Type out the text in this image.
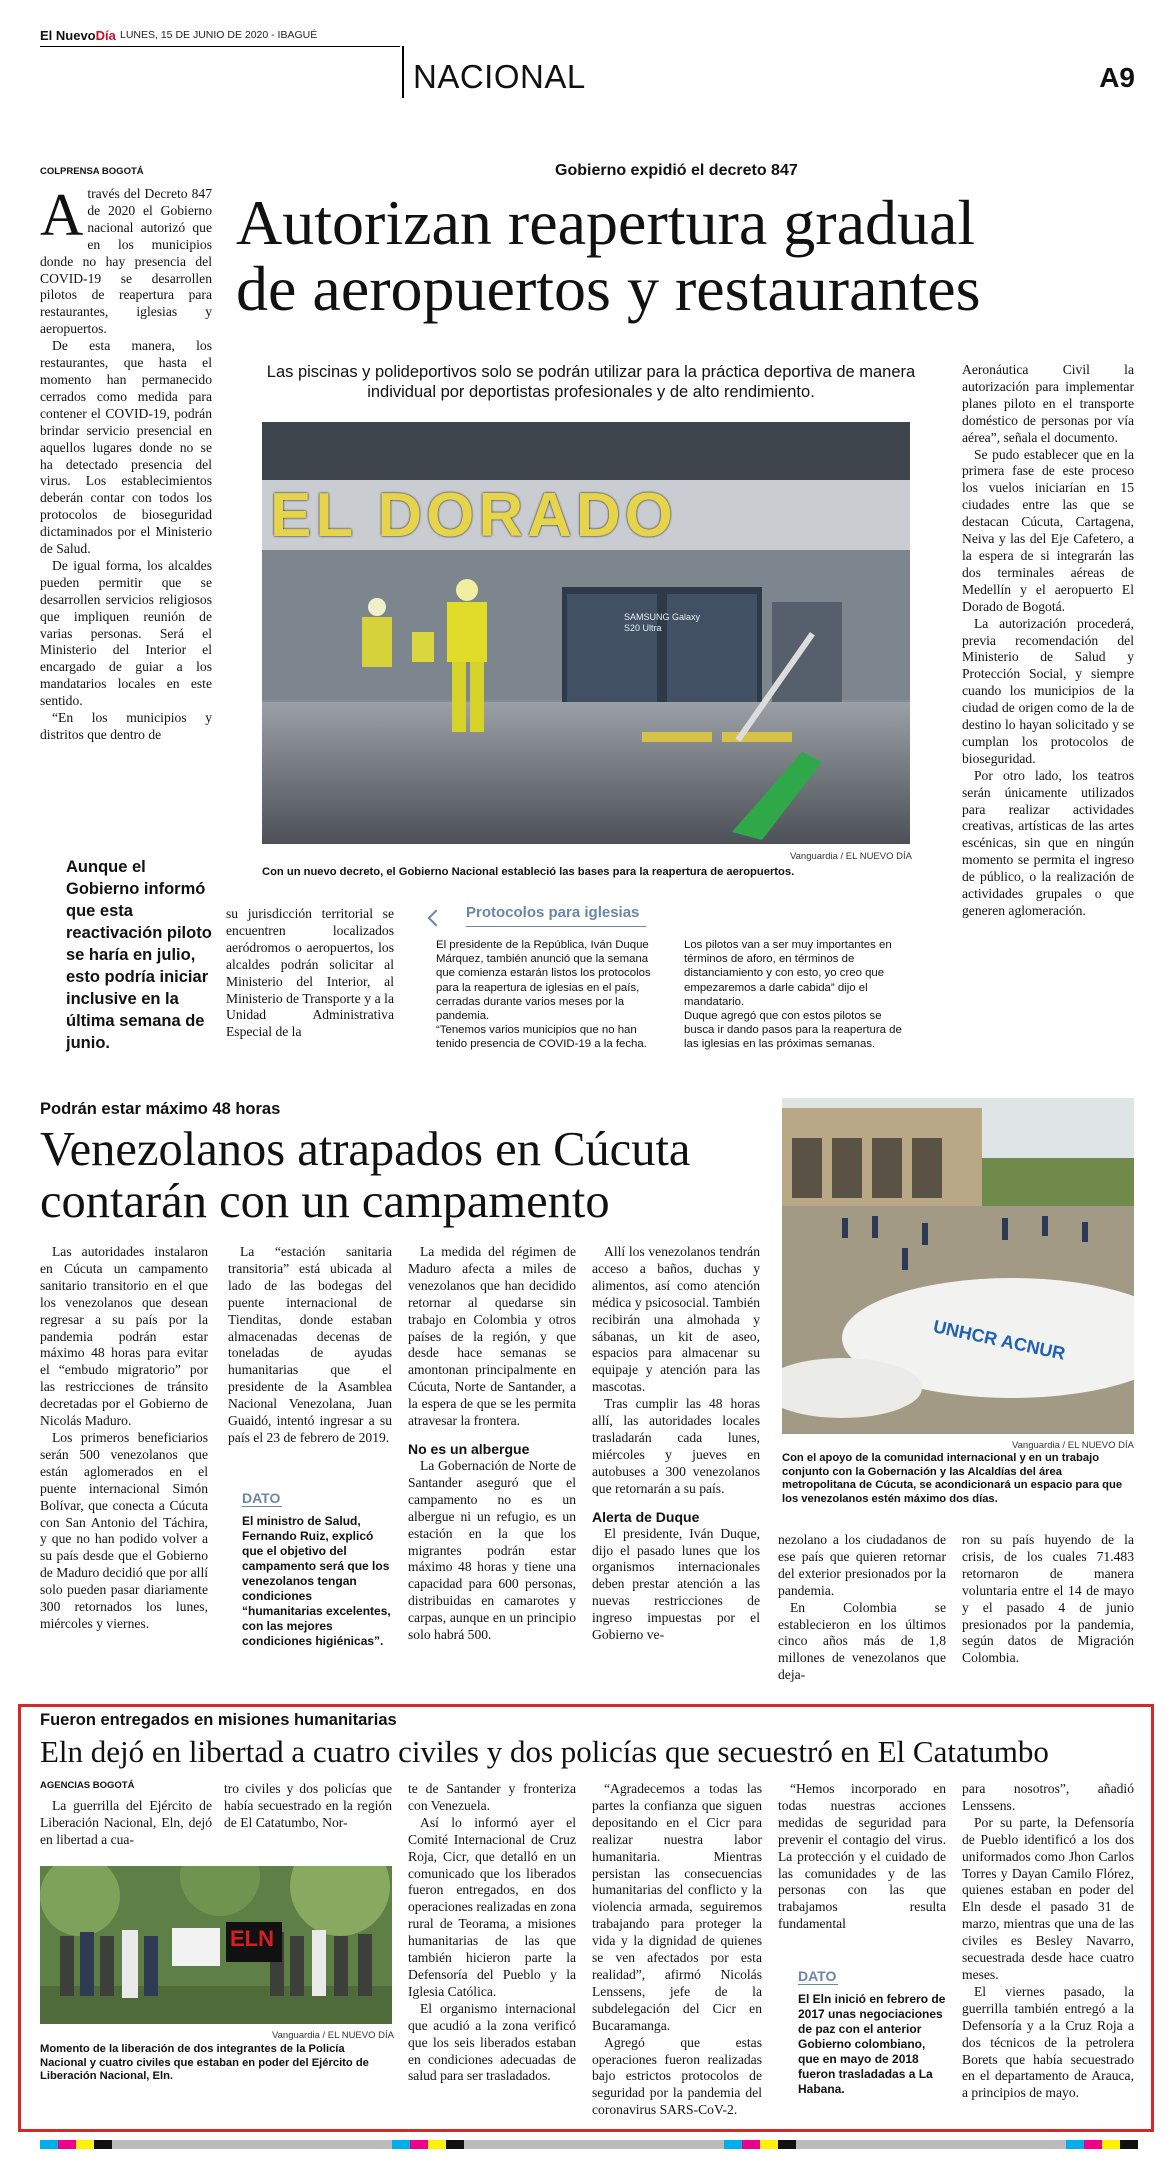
El NuevoDía LUNES, 15 DE JUNIO DE 2020 - IBAGUÉ
NACIONAL	A9
COLPRENSA BOGOTÁ

Através del Decreto 847 de 2020 el Gobierno nacional autorizó que en los municipios donde no hay presencia del COVID-19 se desarrollen pilotos de reapertura para restaurantes, iglesias y aeropuertos.

De esta manera, los restaurantes, que hasta el momento han permanecido cerrados como medida para contener el COVID-19, podrán brindar servicio presencial en aquellos lugares donde no se ha detectado presencia del virus. Los establecimientos deberán contar con todos los protocolos de bioseguridad dictaminados por el Ministerio de Salud.

De igual forma, los alcaldes pueden permitir que se desarrollen servicios religiosos que impliquen reunión de varias personas. Será el Ministerio del Interior el encargado de guiar a los mandatarios locales en este sentido.

“En los municipios y distritos que dentro de

Gobierno expidió el decreto 847
Autorizan reapertura gradual
de aeropuertos y restaurantes
Las piscinas y polideportivos solo se podrán utilizar para la práctica deportiva de manera individual por deportistas profesionales y de alto rendimiento.
EL DORADO
SAMSUNG Galaxy S20 Ultra
Vanguardia / EL NUEVO DÍA
Con un nuevo decreto, el Gobierno Nacional estableció las bases para la reapertura de aeropuertos.
Aunque el Gobierno informó que esta reactivación piloto se haría en julio, esto podría iniciar inclusive en la última semana de junio.

su jurisdicción territorial se encuentren localizados aeródromos o aeropuertos, los alcaldes podrán solicitar al Ministerio del Interior, al Ministerio de Transporte y a la Unidad Administrativa Especial de la

Protocolos para iglesias

El presidente de la República, Iván Duque Márquez, también anunció que la semana que comienza estarán listos los protocolos para la reapertura de iglesias en el país, cerradas durante varios meses por la pandemia.

“Tenemos varios municipios que no han tenido presencia de COVID-19 a la fecha.

Los pilotos van a ser muy importantes en términos de aforo, en términos de distanciamiento y con esto, yo creo que empezaremos a darle cabida” dijo el mandatario.

Duque agregó que con estos pilotos se busca ir dando pasos para la reapertura de las iglesias en las próximas semanas.

Aeronáutica Civil la autorización para implementar planes piloto en el transporte doméstico de personas por vía aérea”, señala el documento.

Se pudo establecer que en la primera fase de este proceso los vuelos iniciarían en 15 ciudades entre las que se destacan Cúcuta, Cartagena, Neiva y las del Eje Cafetero, a la espera de si integrarán las dos terminales aéreas de Medellín y el aeropuerto El Dorado de Bogotá.

La autorización procederá, previa recomendación del Ministerio de Salud y Protección Social, y siempre cuando los municipios de la ciudad de origen como de la de destino lo hayan solicitado y se cumplan los protocolos de bioseguridad.

Por otro lado, los teatros serán únicamente utilizados para realizar actividades creativas, artísticas de las artes escénicas, sin que en ningún momento se permita el ingreso de público, o la realización de actividades grupales o que generen aglomeración.

Podrán estar máximo 48 horas
Venezolanos atrapados en Cúcuta
contarán con un campamento

Las autoridades instalaron en Cúcuta un campamento sanitario transitorio en el que los venezolanos que desean regresar a su país por la pandemia podrán estar máximo 48 horas para evitar el “embudo migratorio” por las restricciones de tránsito decretadas por el Gobierno de Nicolás Maduro.

Los primeros beneficiarios serán 500 venezolanos que están aglomerados en el puente internacional Simón Bolívar, que conecta a Cúcuta con San Antonio del Táchira, y que no han podido volver a su país desde que el Gobierno de Maduro decidió que por allí solo pueden pasar diariamente 300 retornados los lunes, miércoles y viernes.

La “estación sanitaria transitoria” está ubicada al lado de las bodegas del puente internacional de Tienditas, donde estaban almacenadas decenas de toneladas de ayudas humanitarias que el presidente de la Asamblea Nacional Venezolana, Juan Guaidó, intentó ingresar a su país el 23 de febrero de 2019.

DATO
El ministro de Salud, Fernando Ruiz, explicó que el objetivo del campamento será que los venezolanos tengan condiciones “humanitarias excelentes, con las mejores condiciones higiénicas”.

La medida del régimen de Maduro afecta a miles de venezolanos que han decidido retornar al quedarse sin trabajo en Colombia y otros países de la región, y que desde hace semanas se amontonan principalmente en Cúcuta, Norte de Santander, a la espera de que se les permita atravesar la frontera.

No es un albergue

La Gobernación de Norte de Santander aseguró que el campamento no es un albergue ni un refugio, es un estación en la que los migrantes podrán estar máximo 48 horas y tiene una capacidad para 600 personas, distribuidas en camarotes y carpas, aunque en un principio solo habrá 500.

Allí los venezolanos tendrán acceso a baños, duchas y alimentos, así como atención médica y psicosocial. También recibirán una almohada y sábanas, un kit de aseo, espacios para almacenar su equipaje y atención para las mascotas.

Tras cumplir las 48 horas allí, las autoridades locales trasladarán cada lunes, miércoles y jueves en autobuses a 300 venezolanos que retornarán a su país.

Alerta de Duque

El presidente, Iván Duque, dijo el pasado lunes que los organismos internacionales deben prestar atención a las nuevas restricciones de ingreso impuestas por el Gobierno ve-

UNHCR ACNUR
Vanguardia / EL NUEVO DÍA
Con el apoyo de la comunidad internacional y en un trabajo conjunto con la Gobernación y las Alcaldías del área metropolitana de Cúcuta, se acondicionará un espacio para que los venezolanos estén máximo dos días.

nezolano a los ciudadanos de ese país que quieren retornar del exterior presionados por la pandemia.

En Colombia se establecieron en los últimos cinco años más de 1,8 millones de venezolanos que deja-

ron su país huyendo de la crisis, de los cuales 71.483 retornaron de manera voluntaria entre el 14 de mayo y el pasado 4 de junio presionados por la pandemia, según datos de Migración Colombia.

Fueron entregados en misiones humanitarias
Eln dejó en libertad a cuatro civiles y dos policías que secuestró en El Catatumbo
AGENCIAS BOGOTÁ

La guerrilla del Ejército de Liberación Nacional, Eln, dejó en libertad a cua-

tro civiles y dos policías que había secuestrado en la región de El Catatumbo, Nor-

ELN
Vanguardia / EL NUEVO DÍA
Momento de la liberación de dos integrantes de la Policía Nacional y cuatro civiles que estaban en poder del Ejército de Liberación Nacional, Eln.

te de Santander y fronteriza con Venezuela.

Así lo informó ayer el Comité Internacional de Cruz Roja, Cicr, que detalló en un comunicado que los liberados fueron entregados, en dos operaciones realizadas en zona rural de Teorama, a misiones humanitarias de las que también hicieron parte la Defensoría del Pueblo y la Iglesia Católica.

El organismo internacional que acudió a la zona verificó que los seis liberados estaban en condiciones adecuadas de salud para ser trasladados.

“Agradecemos a todas las partes la confianza que siguen depositando en el Cicr para realizar nuestra labor humanitaria. Mientras persistan las consecuencias humanitarias del conflicto y la violencia armada, seguiremos trabajando para proteger la vida y la dignidad de quienes se ven afectados por esta realidad”, afirmó Nicolás Lenssens, jefe de la subdelegación del Cicr en Bucaramanga.

Agregó que estas operaciones fueron realizadas bajo estrictos protocolos de seguridad por la pandemia del coronavirus SARS-CoV-2.

“Hemos incorporado en todas nuestras acciones medidas de seguridad para prevenir el contagio del virus. La protección y el cuidado de las comunidades y de las personas con las que trabajamos resulta fundamental

DATO
El Eln inició en febrero de 2017 unas negociaciones de paz con el anterior Gobierno colombiano, que en mayo de 2018 fueron trasladadas a La Habana.

para nosotros”, añadió Lenssens.

Por su parte, la Defensoría de Pueblo identificó a los dos uniformados como Jhon Carlos Torres y Dayan Camilo Flórez, quienes estaban en poder del Eln desde el pasado 31 de marzo, mientras que una de las civiles es Besley Navarro, secuestrada desde hace cuatro meses.

El viernes pasado, la guerrilla también entregó a la Defensoría y a la Cruz Roja a dos técnicos de la petrolera Borets que había secuestrado en el departamento de Arauca, a principios de mayo.
